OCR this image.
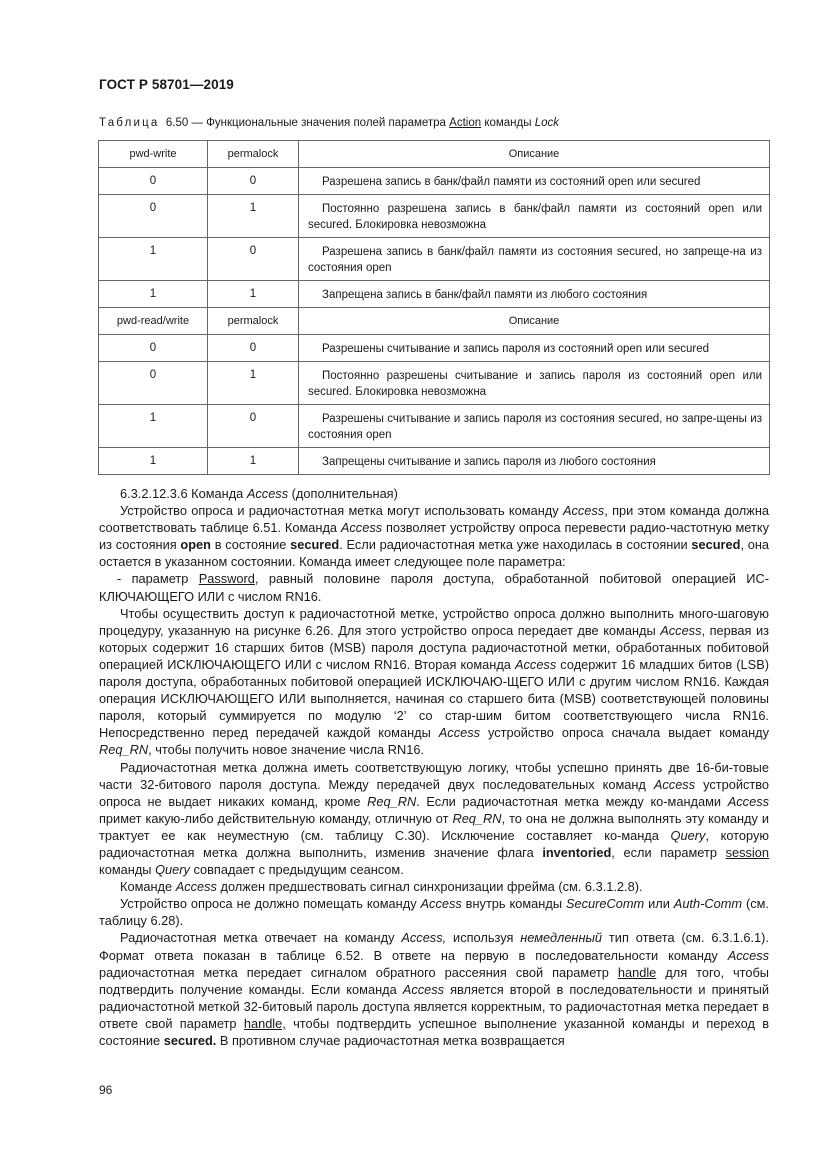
ГОСТ Р 58701—2019
Таблица 6.50 — Функциональные значения полей параметра Action команды Lock
pwd-write	permalock	Описание

0	0	Разрешена запись в банк/файл памяти из состояний open или secured

0	1	Постоянно разрешена запись в банк/файл памяти из состояний open или secured. Блокировка невозможна

1	0	Разрешена запись в банк/файл памяти из состояния secured, но запреще-на из состояния open

1	1	Запрещена запись в банк/файл памяти из любого состояния

pwd-read/write	permalock	Описание

0	0	Разрешены считывание и запись пароля из состояний open или secured

0	1	Постоянно разрешены считывание и запись пароля из состояний open или secured. Блокировка невозможна

1	0	Разрешены считывание и запись пароля из состояния secured, но запре-щены из состояния open

1	1	Запрещены считывание и запись пароля из любого состояния

6.3.2.12.3.6 Команда Access (дополнительная)

Устройство опроса и радиочастотная метка могут использовать команду Access, при этом команда должна соответствовать таблице 6.51. Команда Access позволяет устройству опроса перевести радио-частотную метку из состояния open в состояние secured. Если радиочастотная метка уже находилась в состоянии secured, она остается в указанном состоянии. Команда имеет следующее поле параметра:

- параметр Password, равный половине пароля доступа, обработанной побитовой операцией ИС-КЛЮЧАЮЩЕГО ИЛИ с числом RN16.

Чтобы осуществить доступ к радиочастотной метке, устройство опроса должно выполнить много-шаговую процедуру, указанную на рисунке 6.26. Для этого устройство опроса передает две команды Access, первая из которых содержит 16 старших битов (MSB) пароля доступа радиочастотной метки, обработанных побитовой операцией ИСКЛЮЧАЮЩЕГО ИЛИ с числом RN16. Вторая команда Access содержит 16 младших битов (LSB) пароля доступа, обработанных побитовой операцией ИСКЛЮЧАЮ-ЩЕГО ИЛИ с другим числом RN16. Каждая операция ИСКЛЮЧАЮЩЕГО ИЛИ выполняется, начиная со старшего бита (MSB) соответствующей половины пароля, который суммируется по модулю ‘2’ со стар-шим битом соответствующего числа RN16. Непосредственно перед передачей каждой команды Access устройство опроса сначала выдает команду Req_RN, чтобы получить новое значение числа RN16.

Радиочастотная метка должна иметь соответствующую логику, чтобы успешно принять две 16-би-товые части 32-битового пароля доступа. Между передачей двух последовательных команд Access устройство опроса не выдает никаких команд, кроме Req_RN. Если радиочастотная метка между ко-мандами Access примет какую-либо действительную команду, отличную от Req_RN, то она не должна выполнять эту команду и трактует ее как неуместную (см. таблицу С.30). Исключение составляет ко-манда Query, которую радиочастотная метка должна выполнить, изменив значение флага inventoried, если параметр session команды Query совпадает с предыдущим сеансом.

Команде Access должен предшествовать сигнал синхронизации фрейма (см. 6.3.1.2.8).

Устройство опроса не должно помещать команду Access внутрь команды SecureComm или Auth-Comm (см. таблицу 6.28).

Радиочастотная метка отвечает на команду Access, используя немедленный тип ответа (см. 6.3.1.6.1). Формат ответа показан в таблице 6.52. В ответе на первую в последовательности команду Access радиочастотная метка передает сигналом обратного рассеяния свой параметр handle для того, чтобы подтвердить получение команды. Если команда Access является второй в последовательности и принятый радиочастотной меткой 32-битовый пароль доступа является корректным, то радиочастотная метка передает в ответе свой параметр handle, чтобы подтвердить успешное выполнение указанной команды и переход в состояние secured. В противном случае радиочастотная метка возвращается

96
